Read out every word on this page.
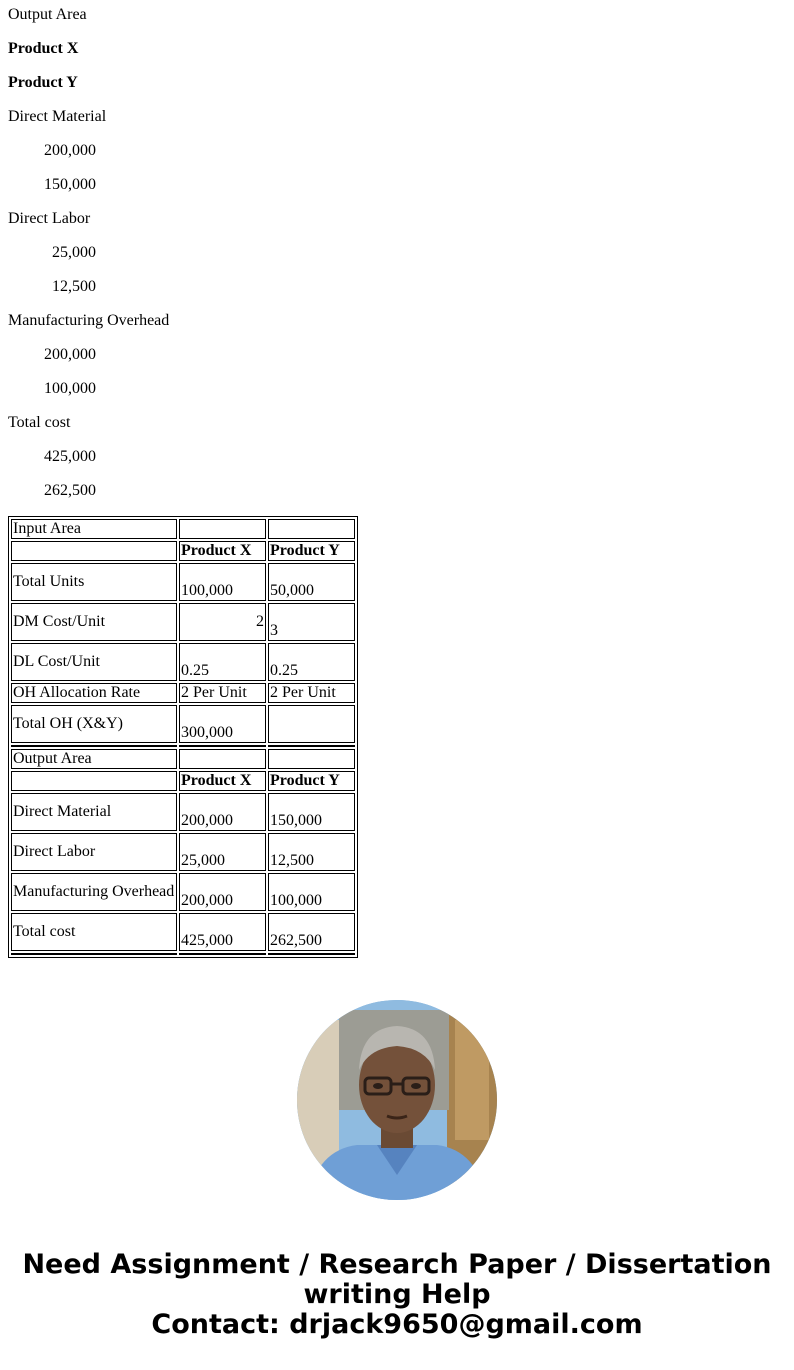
Output Area

Product X

Product Y

Direct Material

200,000

150,000

Direct Labor

25,000

12,500

Manufacturing Overhead

200,000

100,000

Total cost

425,000

262,500

Input Area		
	Product X	Product Y
Total Units	100,000	50,000
DM Cost/Unit	2	3
DL Cost/Unit	0.25	0.25
OH Allocation Rate	2 Per Unit	2 Per Unit
Total OH (X&Y)	300,000	

Output Area		
	Product X	Product Y
Direct Material	200,000	150,000
Direct Labor	25,000	12,500
Manufacturing Overhead	200,000	100,000
Total cost	425,000	262,500

Need Assignment / Research Paper / Dissertation
writing Help
Contact: drjack9650@gmail.com
